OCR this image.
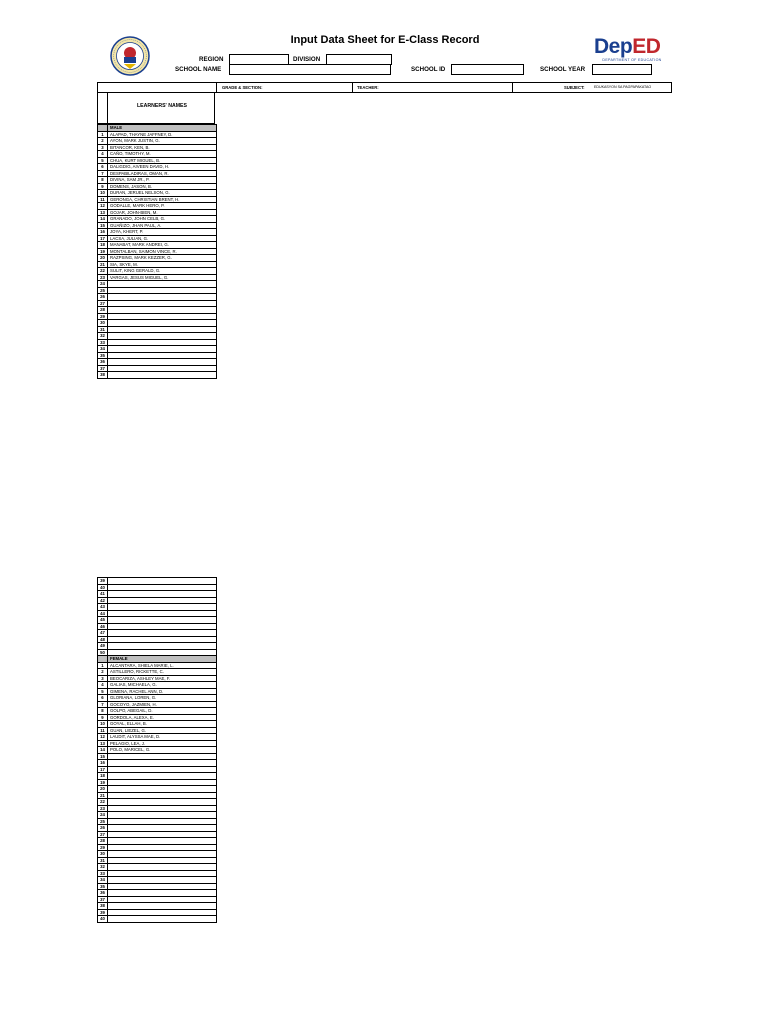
Input Data Sheet for E-Class Record
REGION	DIVISION
SCHOOL NAME	SCHOOL ID	SCHOOL YEAR
DepED
DEPARTMENT OF EDUCATION
GRADE & SECTION:	TEACHER:	SUBJECT:	EDUKASYON SA PAGPAPAKATAO
LEARNERS' NAMES
MALE
1	ALAPAD, THAYNE JAFFNEY, D.
2	AYON, MARK JUSTIN, G.
3	BITANCOR, KEN, B.
4	CAÑO, TIMOTHY, M.
5	CHUA, KURT MIGUEL, B.
6	DALIGDIG, AIVEEN DAVID, H.
7	DESPABILADIRAS, OMAN, R.
8	DIVINA, SAM JR., P.
9	DOMENS, JASON, B.
10	DURAN, JERUEL NELSON, G.
11	GERONGA, CHRISTIAN BRENT, H.
12	GODALLE, MARK HERO, P.
13	GOJAR, JOHN-BIEN, M.
14	GRANADO, JOHN CELB, G.
15	GUAÑIZO, JHAN PAUL, A.
16	JOYA, KHERT, P.
17	LACSA, JULIAN, G.
18	MANABAT, MARK ANDREI, G.
19	MONTALBAN, SAIMON VINCE, R.
20	RAZPSING, MARK KEZZER, G.
21	SIA, SKYE, M.
22	SULIT, KING GERALD, G.
23	VARGAS, JESUS MIGUEL, G.
24
25
26
27
28
29
30
31
32
33
34
35
36
37
38
39
40
41
42
43
44
45
46
47
48
49
50
FEMALE
1	ALCANTARA, SHIELA MARIE, L.
2	ASTILLERO, RICKETTE, C.
3	BEOCARIZA, ASHLEY MAE, F.
4	GALIAS, MICHAELA, G.
5	GIMENA, RACHEL ANN, D.
6	GLORIANA, LOREN, G.
7	GOCOYO, JAZMIEN, H.
8	GOLPO, ABEGAIL, D.
9	GORDOLA, ALEXA, E.
10	GOYAL, ELLAH, B.
11	GUAN, LIEZEL, G.
12	LAUDIT, ALYSSA MAE, D.
13	PELAGIO, LEA, J.
14	POLO, MARICEL, G.
15
16
17
18
19
20
21
22
23
24
25
26
27
28
29
30
31
32
33
34
35
36
37
38
39
40
